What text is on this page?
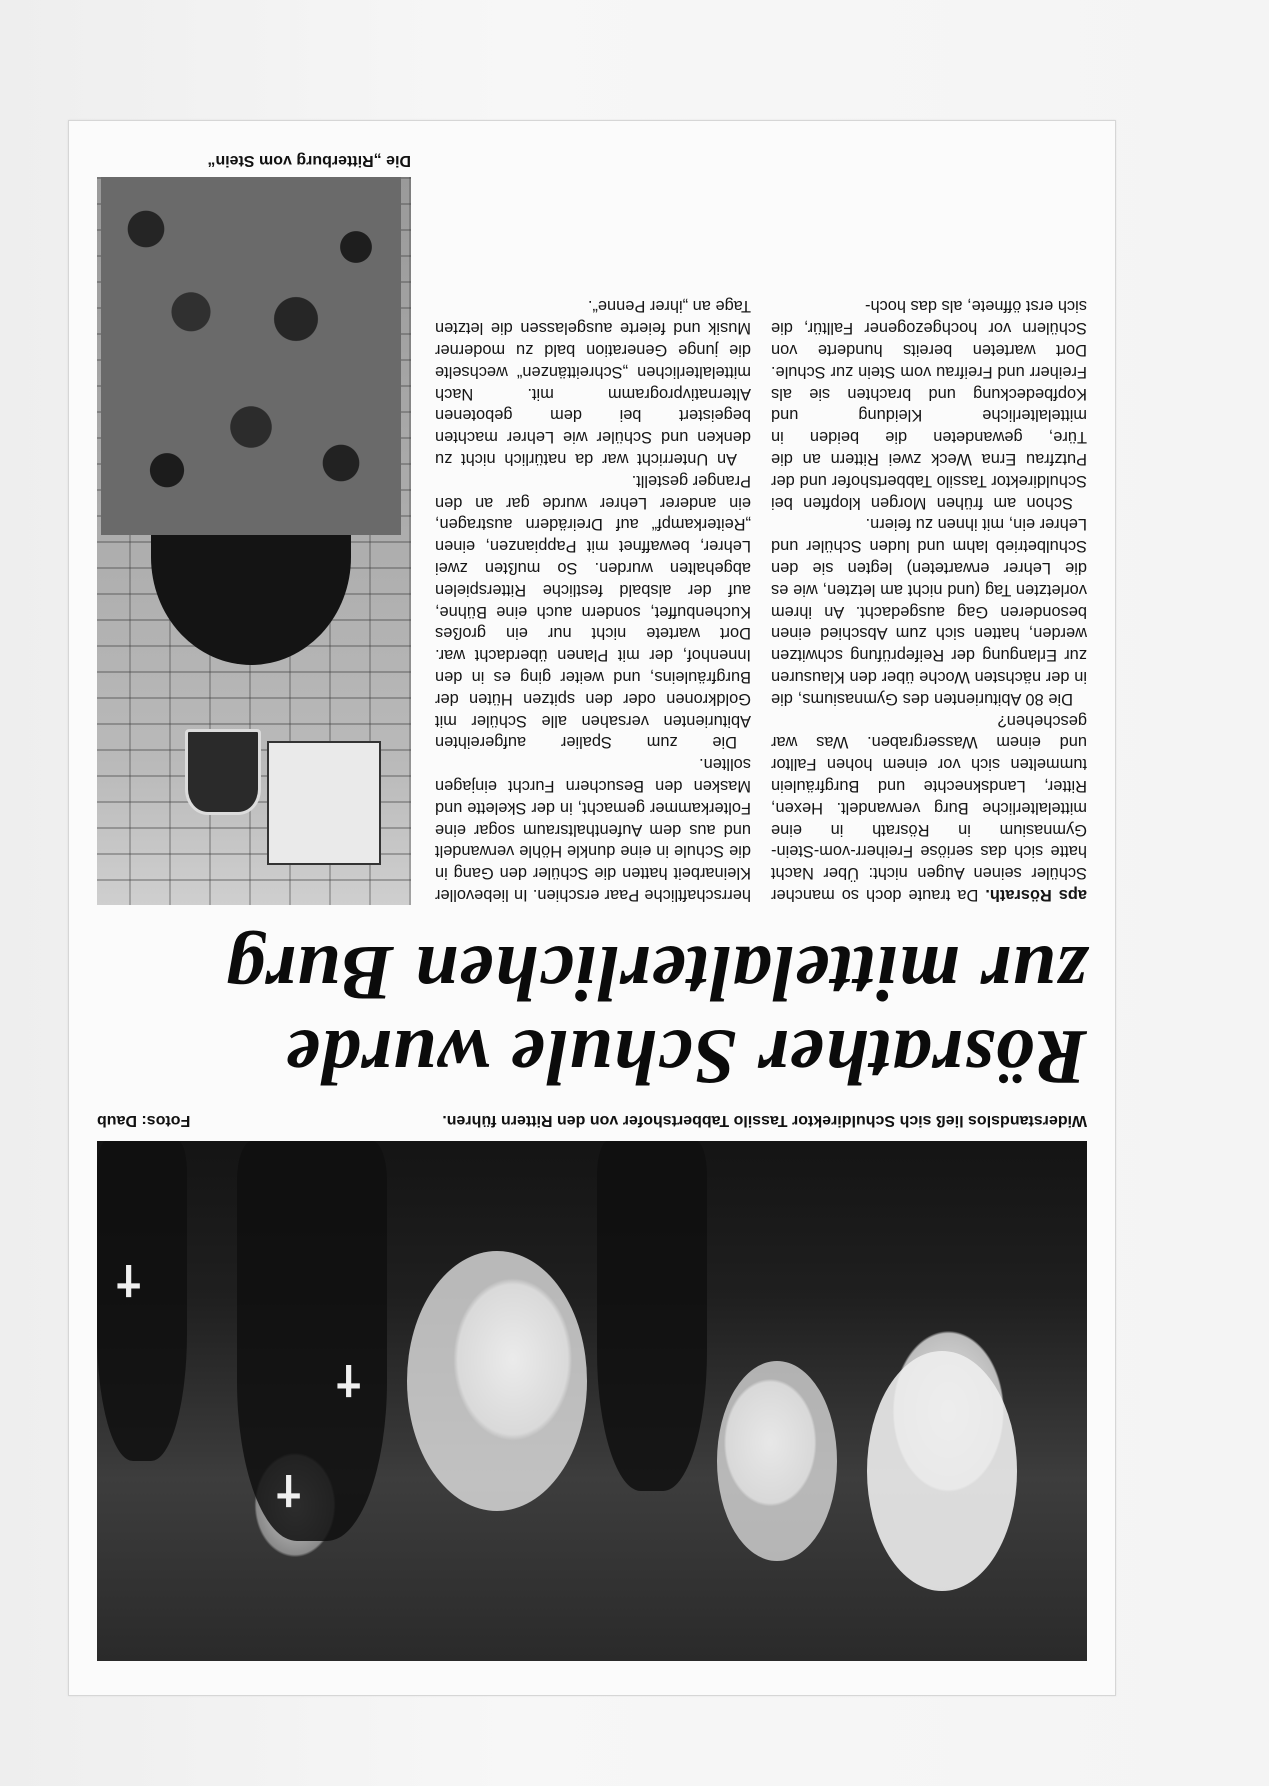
✝
✝
✝
Widerstandslos ließ sich Schuldirektor Tassilo Tabbertshofer von den Rittern führen.
Fotos: Daub
Rösrather Schule wurde
zur mittelalterlichen Burg

aps Rösrath. Da traute doch so mancher Schüler seinen Augen nicht: Über Nacht hatte sich das seriöse Freiherr-vom-Stein-Gymnasium in Rösrath in eine mittelalterliche Burg verwandelt. Hexen, Ritter, Landsknechte und Burgfräulein tummelten sich vor einem hohen Falltor und einem Wassergraben. Was war geschehen?

Die 80 Abiturienten des Gymnasiums, die in der nächsten Woche über den Klausuren zur Erlangung der Reifeprüfung schwitzen werden, hatten sich zum Abschied einen besonderen Gag ausgedacht. An ihrem vorletzten Tag (und nicht am letzten, wie es die Lehrer erwarteten) legten sie den Schulbetrieb lahm und luden Schüler und Lehrer ein, mit ihnen zu feiern.

Schon am frühen Morgen klopften bei Schuldirektor Tassilo Tabbertshofer und der Putzfrau Erna Weck zwei Rittern an die Türe, gewandeten die beiden in mittelalterliche Kleidung und Kopfbedeckung und brachten sie als Freiherr und Freifrau vom Stein zur Schule. Dort warteten bereits hunderte von Schülern vor hochgezogener Falltür, die sich erst öffnete, als das hoch-

herrschaftliche Paar erschien. In liebevoller Kleinarbeit hatten die Schüler den Gang in die Schule in eine dunkle Höhle verwandelt und aus dem Aufenthaltsraum sogar eine Folterkammer gemacht, in der Skelette und Masken den Besuchern Furcht einjagen sollten.

Die zum Spalier aufgereihten Abiturienten versahen alle Schüler mit Goldkronen oder den spitzen Hüten der Burgfräuleins, und weiter ging es in den Innenhof, der mit Planen überdacht war. Dort wartete nicht nur ein großes Kuchenbuffet, sondern auch eine Bühne, auf der alsbald festliche Ritterspielen abgehalten wurden. So mußten zwei Lehrer, bewaffnet mit Pappianzen, einen „Reiterkampf“ auf Dreirädern austragen, ein anderer Lehrer wurde gar an den Pranger gestellt.

An Unterricht war da natürlich nicht zu denken und Schüler wie Lehrer machten begeistert bei dem gebotenen Alternativprogramm mit. Nach mittelalterlichen „Schreittänzen“ wechselte die junge Generation bald zu moderner Musik und feierte ausgelassen die letzten Tage an „ihrer Penne“.

Die „Ritterburg vom Stein“
